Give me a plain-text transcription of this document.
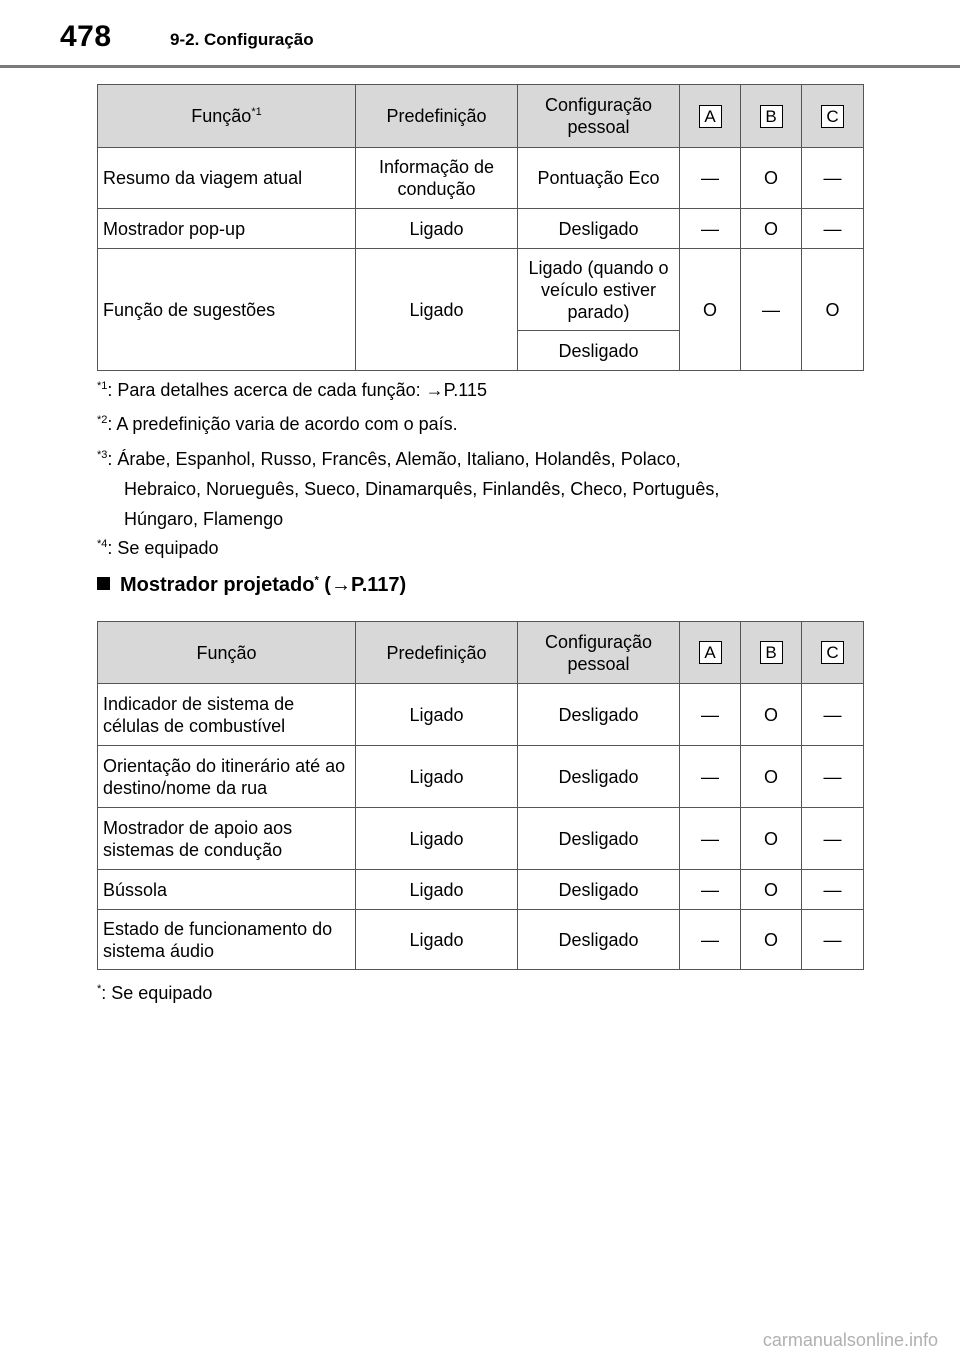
478	9-2. Configuração
Função$^{*1}$	Predefinição	Configuração pessoal	A	B	C
Resumo da viagem atual	Informação de condução	Pontuação Eco	—	O	—
Mostrador pop-up	Ligado	Desligado	—	O	—
Função de sugestões	Ligado	Ligado (quando o veículo estiver parado)	O	—	O
		Desligado			
$^{*1}$: Para detalhes acerca de cada função: →P.115
$^{*2}$: A predefinição varia de acordo com o país.
$^{*3}$: Árabe, Espanhol, Russo, Francês, Alemão, Italiano, Holandês, Polaco,
Hebraico, Norueguês, Sueco, Dinamarquês, Finlandês, Checo, Português,
Húngaro, Flamengo
$^{*4}$: Se equipado
Mostrador projetado* (→P.117)
Função	Predefinição	Configuração pessoal	A	B	C
Indicador de sistema de células de combustível	Ligado	Desligado	—	O	—
Orientação do itinerário até ao destino/nome da rua	Ligado	Desligado	—	O	—
Mostrador de apoio aos sistemas de condução	Ligado	Desligado	—	O	—
Bússola	Ligado	Desligado	—	O	—
Estado de funcionamento do sistema áudio	Ligado	Desligado	—	O	—
*: Se equipado
carmanualsonline.info
